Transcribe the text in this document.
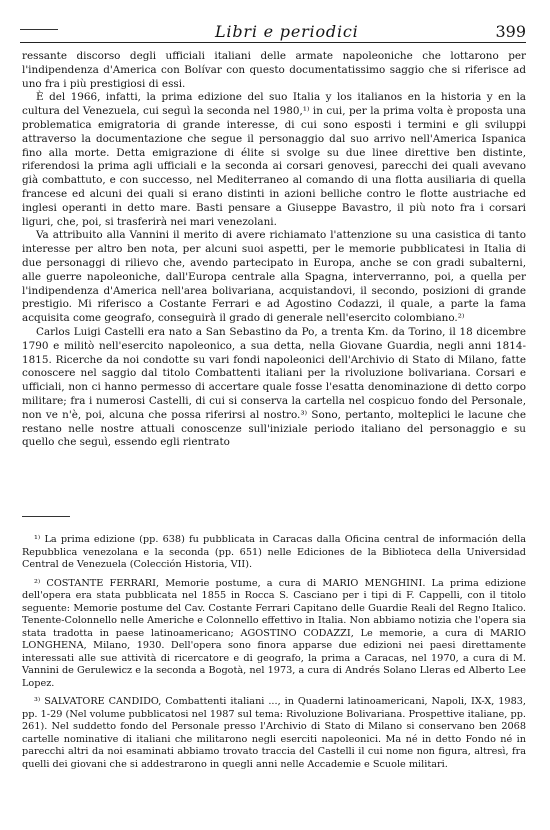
Libri e periodici	399

ressante discorso degli ufficiali italiani delle armate napoleoniche che lottarono per l'indipendenza d'America con Bolívar con questo documentatissimo saggio che si riferisce ad uno fra i più prestigiosi di essi.

È del 1966, infatti, la prima edizione del suo Italia y los italianos en la historia y en la cultura del Venezuela, cui seguì la seconda nel 1980,¹⁾ in cui, per la prima volta è proposta una problematica emigratoria di grande interesse, di cui sono esposti i termini e gli sviluppi attraverso la documentazione che segue il personaggio dal suo arrivo nell'America Ispanica fino alla morte. Detta emigrazione di élite si svolge su due linee direttive ben distinte, riferendosi la prima agli ufficiali e la seconda ai corsari genovesi, parecchi dei quali avevano già combattuto, e con successo, nel Mediterraneo al comando di una flotta ausiliaria di quella francese ed alcuni dei quali si erano distinti in azioni belliche contro le flotte austriache ed inglesi operanti in detto mare. Basti pensare a Giuseppe Bavastro, il più noto fra i corsari liguri, che, poi, si trasferirà nei mari venezolani.

Va attribuito alla Vannini il merito di avere richiamato l'attenzione su una casistica di tanto interesse per altro ben nota, per alcuni suoi aspetti, per le memorie pubblicatesi in Italia di due personaggi di rilievo che, avendo partecipato in Europa, anche se con gradi subalterni, alle guerre napoleoniche, dall'Europa centrale alla Spagna, interverranno, poi, a quella per l'indipendenza d'America nell'area bolivariana, acquistandovi, il secondo, posizioni di grande prestigio. Mi riferisco a Costante Ferrari e ad Agostino Codazzi, il quale, a parte la fama acquisita come geografo, conseguirà il grado di generale nell'esercito colombiano.²⁾

Carlos Luigi Castelli era nato a San Sebastino da Po, a trenta Km. da Torino, il 18 dicembre 1790 e militò nell'esercito napoleonico, a sua detta, nella Giovane Guardia, negli anni 1814-1815. Ricerche da noi condotte su vari fondi napoleonici dell'Archivio di Stato di Milano, fatte conoscere nel saggio dal titolo Combattenti italiani per la rivoluzione bolivariana. Corsari e ufficiali, non ci hanno permesso di accertare quale fosse l'esatta denominazione di detto corpo militare; fra i numerosi Castelli, di cui si conserva la cartella nel cospicuo fondo del Personale, non ve n'è, poi, alcuna che possa riferirsi al nostro.³⁾ Sono, pertanto, molteplici le lacune che restano nelle nostre attuali conoscenze sull'iniziale periodo italiano del personaggio e su quello che seguì, essendo egli rientrato

¹⁾ La prima edizione (pp. 638) fu pubblicata in Caracas dalla Oficina central de información della Repubblica venezolana e la seconda (pp. 651) nelle Ediciones de la Biblioteca della Universidad Central de Venezuela (Colección Historia, VII).

²⁾ COSTANTE FERRARI, Memorie postume, a cura di MARIO MENGHINI. La prima edizione dell'opera era stata pubblicata nel 1855 in Rocca S. Casciano per i tipi di F. Cappelli, con il titolo seguente: Memorie postume del Cav. Costante Ferrari Capitano delle Guardie Reali del Regno Italico. Tenente-Colonnello nelle Americhe e Colonnello effettivo in Italia. Non abbiamo notizia che l'opera sia stata tradotta in paese latinoamericano; AGOSTINO CODAZZI, Le memorie, a cura di MARIO LONGHENA, Milano, 1930. Dell'opera sono finora apparse due edizioni nei paesi direttamente interessati alle sue attività di ricercatore e di geografo, la prima a Caracas, nel 1970, a cura di M. Vannini de Gerulewicz e la seconda a Bogotà, nel 1973, a cura di Andrés Solano Lleras ed Alberto Lee Lopez.

³⁾ SALVATORE CANDIDO, Combattenti italiani ..., in Quaderni latinoamericani, Napoli, IX-X, 1983, pp. 1-29 (Nel volume pubblicatosi nel 1987 sul tema: Rivoluzione Bolivariana. Prospettive italiane, pp. 261). Nel suddetto fondo del Personale presso l'Archivio di Stato di Milano si conservano ben 2068 cartelle nominative di italiani che militarono negli eserciti napoleonici. Ma né in detto Fondo né in parecchi altri da noi esaminati abbiamo trovato traccia del Castelli il cui nome non figura, altresì, fra quelli dei giovani che si addestrarono in quegli anni nelle Accademie e Scuole militari.
